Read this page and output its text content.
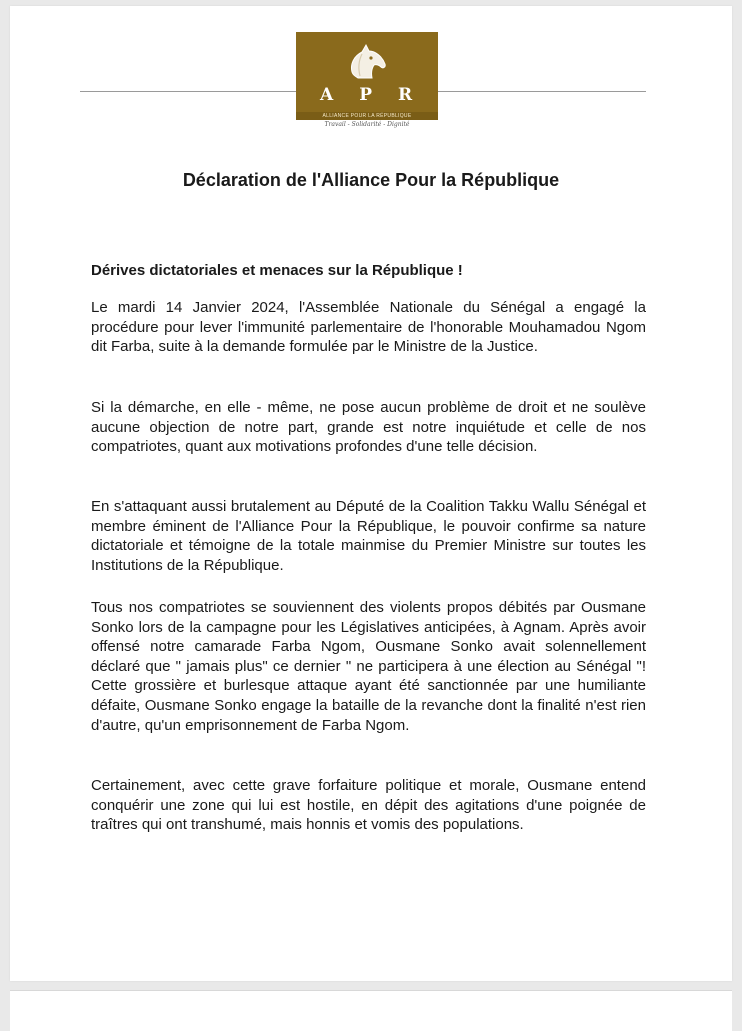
APR
ALLIANCE POUR LA RÉPUBLIQUE
Travail - Solidarité - Dignité
Déclaration de l'Alliance Pour la République
Dérives dictatoriales et menaces sur la République !

Le mardi 14 Janvier 2024, l'Assemblée Nationale du Sénégal a engagé la procédure pour lever l'immunité parlementaire de l'honorable Mouhamadou Ngom dit Farba, suite à la demande formulée par le Ministre de la Justice.

Si la démarche, en elle - même, ne pose aucun problème de droit et ne soulève aucune objection de notre part, grande est notre inquiétude et celle de nos compatriotes, quant aux motivations profondes d'une telle décision.

En s'attaquant aussi brutalement au Député de la Coalition Takku Wallu Sénégal et membre éminent de l'Alliance Pour la République, le pouvoir confirme sa nature dictatoriale et témoigne de la totale mainmise du Premier Ministre sur toutes les Institutions de la République.

Tous nos compatriotes se souviennent des violents propos débités par Ousmane Sonko lors de la campagne pour les Législatives anticipées, à Agnam. Après avoir offensé notre camarade Farba Ngom, Ousmane Sonko avait solennellement déclaré que " jamais plus" ce dernier " ne participera à une élection au Sénégal "! Cette grossière et burlesque attaque ayant été sanctionnée par une humiliante défaite, Ousmane Sonko engage la bataille de la revanche dont la finalité n'est rien d'autre, qu'un emprisonnement de Farba Ngom.

Certainement, avec cette grave forfaiture politique et morale, Ousmane entend conquérir une zone qui lui est hostile, en dépit des agitations d'une poignée de traîtres qui ont transhumé, mais honnis et vomis des populations.
